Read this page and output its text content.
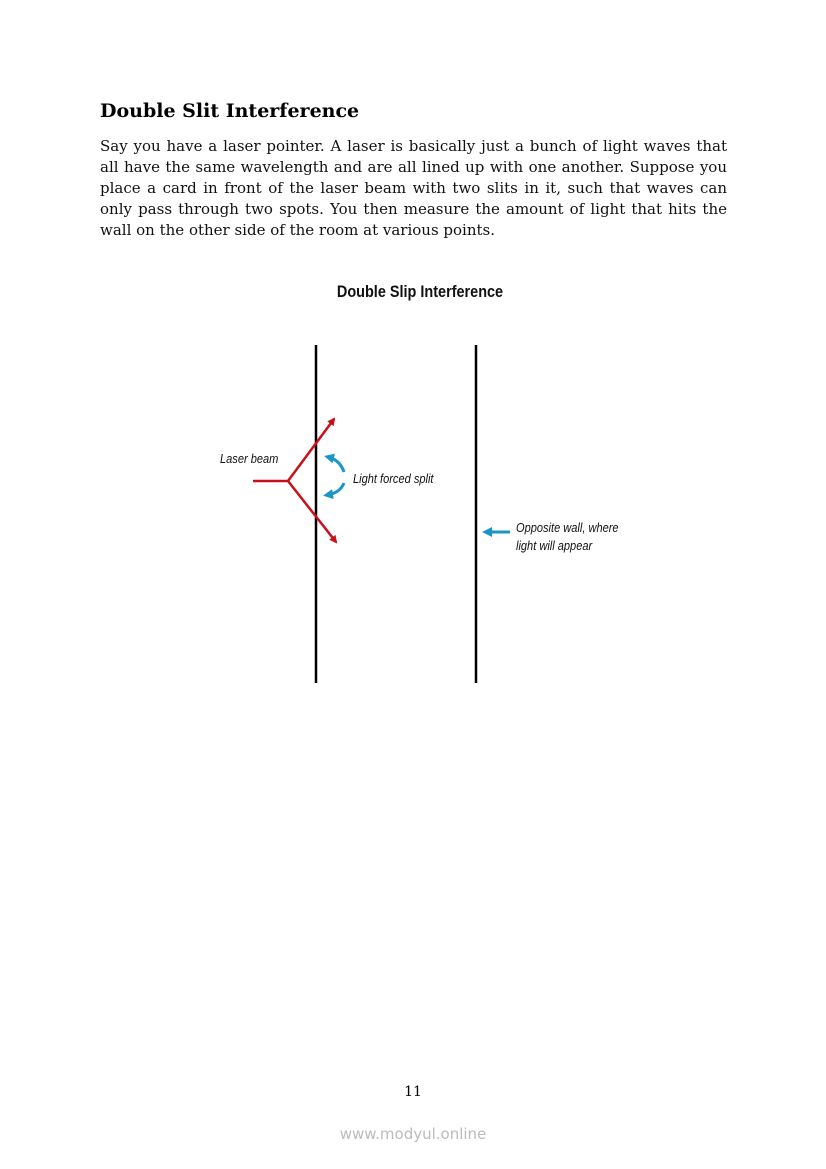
Double Slit Interference

Say you have a laser pointer. A laser is basically just a bunch of light waves that all have the same wavelength and are all lined up with one another. Suppose you place a card in front of the laser beam with two slits in it, such that waves can only pass through two spots. You then measure the amount of light that hits the wall on the other side of the room at various points.

Double Slip Interference
Laser beam
Light forced split
Opposite wall, where
light will appear
11
www.modyul.online
